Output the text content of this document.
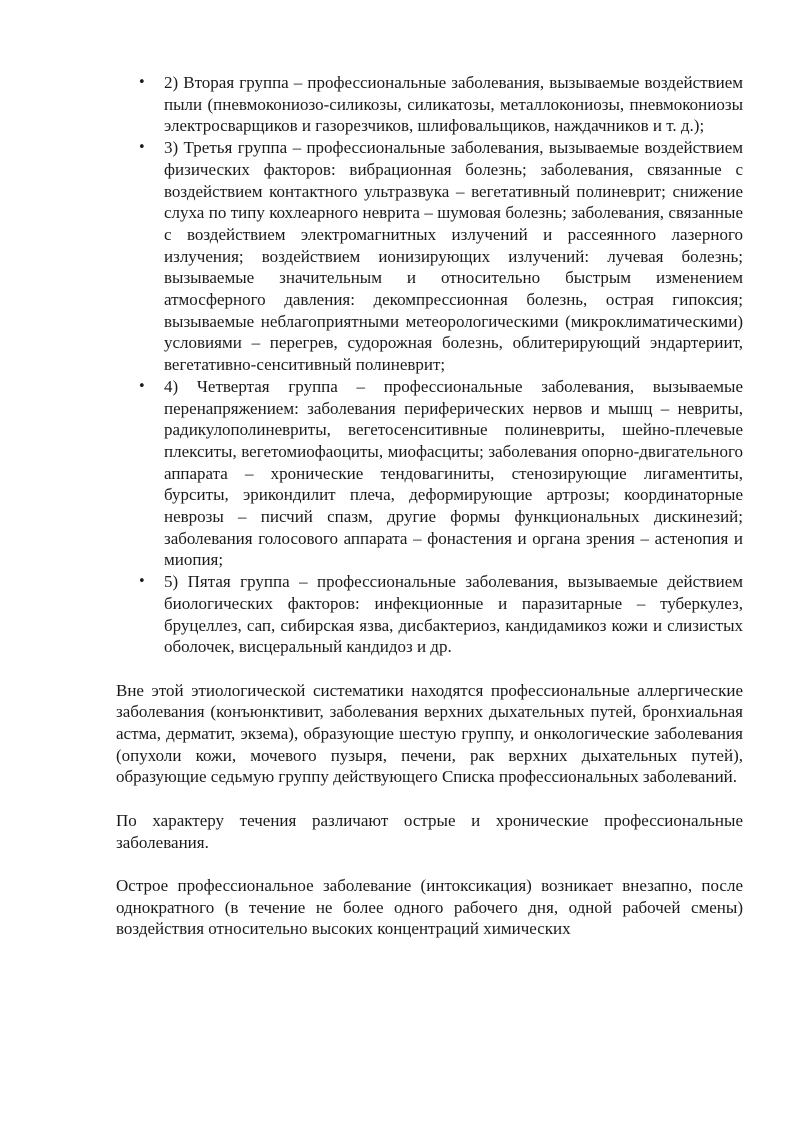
• 2) Вторая группа – профессиональные заболевания, вызываемые воздействием пыли (пневмокониозо-силикозы, силикатозы, металлокониозы, пневмокониозы электросварщиков и газорезчиков, шлифовальщиков, наждачников и т. д.);
• 3) Третья группа – профессиональные заболевания, вызываемые воздействием физических факторов: вибрационная болезнь; заболевания, связанные с воздействием контактного ультразвука – вегетативный полиневрит; снижение слуха по типу кохлеарного неврита – шумовая болезнь; заболевания, связанные с воздействием электромагнитных излучений и рассеянного лазерного излучения; воздействием ионизирующих излучений: лучевая болезнь; вызываемые значительным и относительно быстрым изменением атмосферного давления: декомпрессионная болезнь, острая гипоксия; вызываемые неблагоприятными метеорологическими (микроклиматическими) условиями – перегрев, судорожная болезнь, облитерирующий эндартериит, вегетативно-сенситивный полиневрит;
• 4) Четвертая группа – профессиональные заболевания, вызываемые перенапряжением: заболевания периферических нервов и мышц – невриты, радикулополиневриты, вегетосенситивные полиневриты, шейно-плечевые плекситы, вегетомиофаоциты, миофасциты; заболевания опорно-двигательного аппарата – хронические тендовагиниты, стенозирующие лигаментиты, бурситы, эрикондилит плеча, деформирующие артрозы; координаторные неврозы – писчий спазм, другие формы функциональных дискинезий; заболевания голосового аппарата – фонастения и органа зрения – астенопия и миопия;
• 5) Пятая группа – профессиональные заболевания, вызываемые действием биологических факторов: инфекционные и паразитарные – туберкулез, бруцеллез, сап, сибирская язва, дисбактериоз, кандидамикоз кожи и слизистых оболочек, висцеральный кандидоз и др.

Вне этой этиологической систематики находятся профессиональные аллергические заболевания (конъюнктивит, заболевания верхних дыхательных путей, бронхиальная астма, дерматит, экзема), образующие шестую группу, и онкологические заболевания (опухоли кожи, мочевого пузыря, печени, рак верхних дыхательных путей), образующие седьмую группу действующего Списка профессиональных заболеваний.

По характеру течения различают острые и хронические профессиональные заболевания.

Острое профессиональное заболевание (интоксикация) возникает внезапно, после однократного (в течение не более одного рабочего дня, одной рабочей смены) воздействия относительно высоких концентраций химических
